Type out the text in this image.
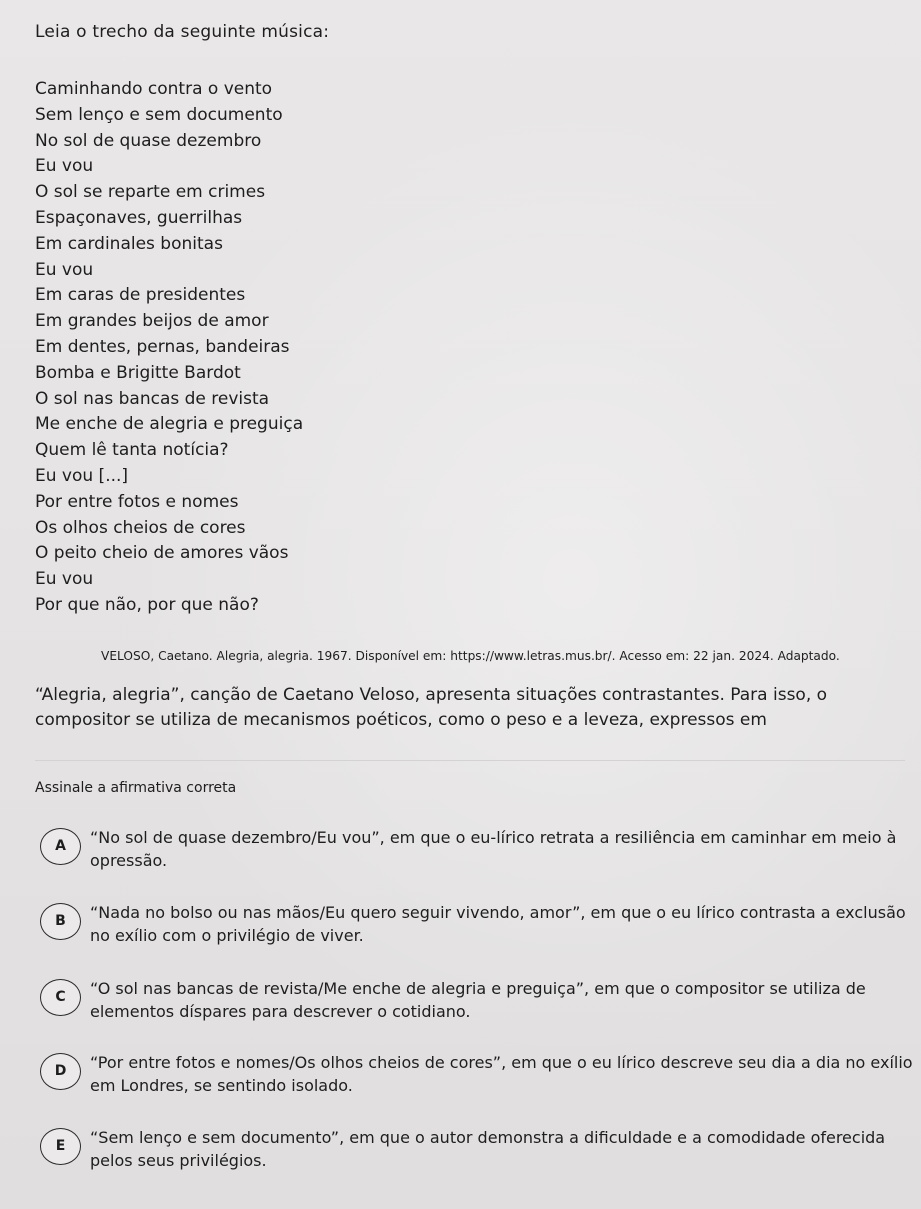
Leia o trecho da seguinte música:

Caminhando contra o vento
Sem lenço e sem documento
No sol de quase dezembro
Eu vou
O sol se reparte em crimes
Espaçonaves, guerrilhas
Em cardinales bonitas
Eu vou
Em caras de presidentes
Em grandes beijos de amor
Em dentes, pernas, bandeiras
Bomba e Brigitte Bardot
O sol nas bancas de revista
Me enche de alegria e preguiça
Quem lê tanta notícia?
Eu vou [...]
Por entre fotos e nomes
Os olhos cheios de cores
O peito cheio de amores vãos
Eu vou
Por que não, por que não?

VELOSO, Caetano. Alegria, alegria. 1967. Disponível em: https://www.letras.mus.br/. Acesso em: 22 jan. 2024. Adaptado.

“Alegria, alegria”, canção de Caetano Veloso, apresenta situações contrastantes. Para isso, o compositor se utiliza de mecanismos poéticos, como o peso e a leveza, expressos em

Assinale a afirmativa correta

A	“No sol de quase dezembro/Eu vou”, em que o eu-lírico retrata a resiliência em caminhar em meio à opressão.

B	“Nada no bolso ou nas mãos/Eu quero seguir vivendo, amor”, em que o eu lírico contrasta a exclusão no exílio com o privilégio de viver.

C	“O sol nas bancas de revista/Me enche de alegria e preguiça”, em que o compositor se utiliza de elementos díspares para descrever o cotidiano.

D	“Por entre fotos e nomes/Os olhos cheios de cores”, em que o eu lírico descreve seu dia a dia no exílio em Londres, se sentindo isolado.

E	“Sem lenço e sem documento”, em que o autor demonstra a dificuldade e a comodidade oferecida pelos seus privilégios.
